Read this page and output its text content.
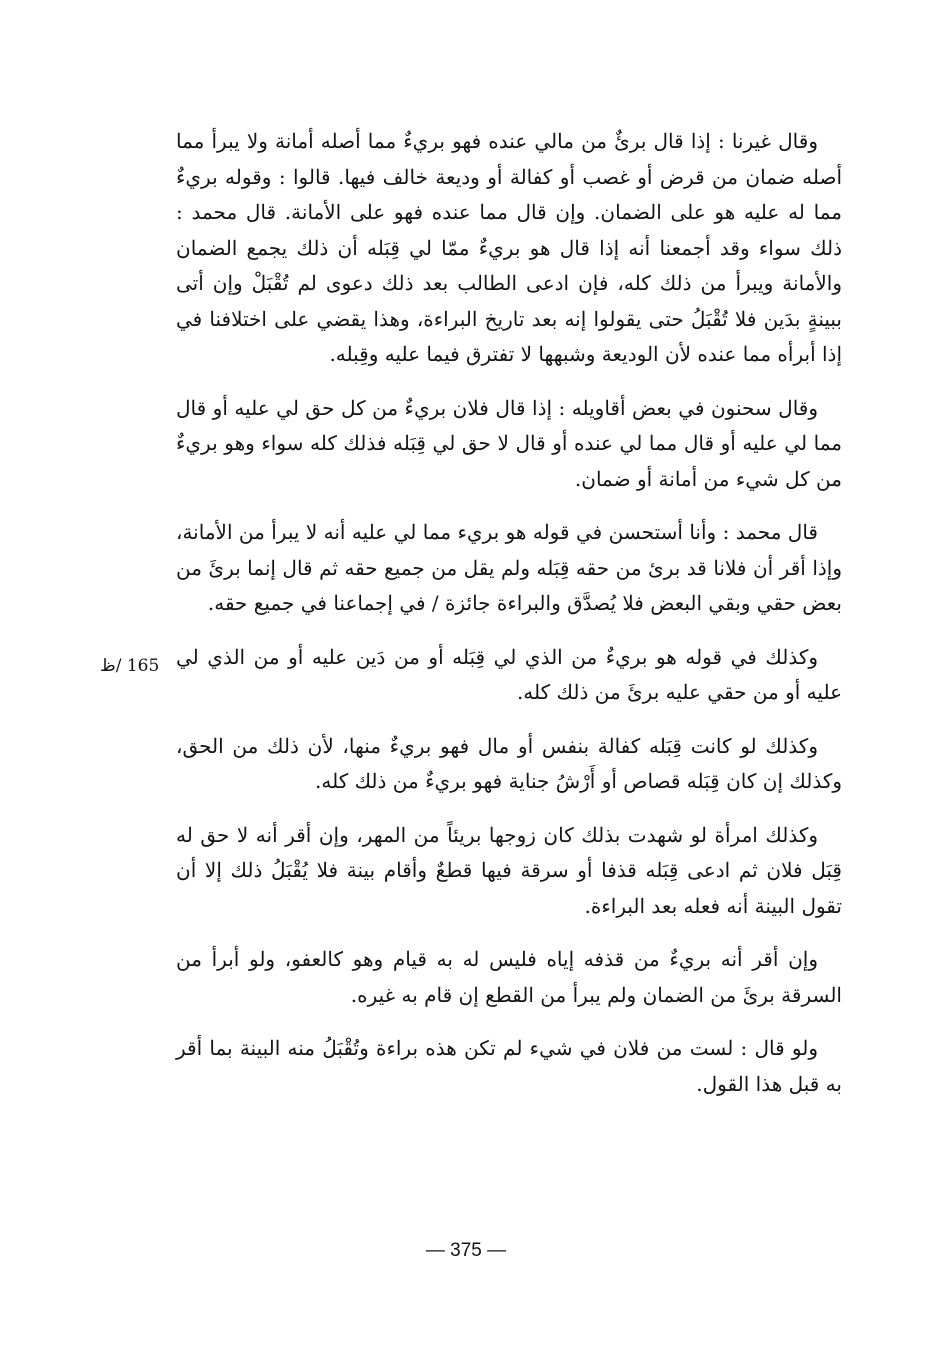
وقال غيرنا : إذا قال برئٌ من مالي عنده فهو بريءٌ مما أصله أمانة ولا يبرأ مما أصله ضمان من قرض أو غصب أو كفالة أو وديعة خالف فيها. قالوا : وقوله بريءٌ مما له عليه هو على الضمان. وإن قال مما عنده فهو على الأمانة. قال محمد : ذلك سواء وقد أجمعنا أنه إذا قال هو بريءٌ ممّا لي قِبَله أن ذلك يجمع الضمان والأمانة ويبرأ من ذلك كله، فإن ادعى الطالب بعد ذلك دعوى لم تُقْبَلْ وإن أتى ببينةٍ بدَين فلا تُقْبَلُ حتى يقولوا إنه بعد تاريخ البراءة، وهذا يقضي على اختلافنا في إذا أبرأه مما عنده لأن الوديعة وشبهها لا تفترق فيما عليه وقِبله.

وقال سحنون في بعض أقاويله : إذا قال فلان بريءٌ من كل حق لي عليه أو قال مما لي عليه أو قال مما لي عنده أو قال لا حق لي قِبَله فذلك كله سواء وهو بريءٌ من كل شيء من أمانة أو ضمان.

قال محمد : وأنا أستحسن في قوله هو بريء مما لي عليه أنه لا يبرأ من الأمانة، وإذا أقر أن فلانا قد برئ من حقه قِبَله ولم يقل من جميع حقه ثم قال إنما برئَ من بعض حقي وبقي البعض فلا يُصدَّق والبراءة جائزة / في إجماعنا في جميع حقه.

وكذلك في قوله هو بريءٌ من الذي لي قِبَله أو من دَين عليه أو من الذي لي عليه أو من حقي عليه برئَ من ذلك كله.

وكذلك لو كانت قِبَله كفالة بنفس أو مال فهو بريءٌ منها، لأن ذلك من الحق، وكذلك إن كان قِبَله قصاص أو أَرْشُ جناية فهو بريءٌ من ذلك كله.

وكذلك امرأة لو شهدت بذلك كان زوجها بريئاً من المهر، وإن أقر أنه لا حق له قِبَل فلان ثم ادعى قِبَله قذفا أو سرقة فيها قطعٌ وأقام بينة فلا يُقْبَلُ ذلك إلا أن تقول البينة أنه فعله بعد البراءة.

وإن أقر أنه بريءٌ من قذفه إياه فليس له به قيام وهو كالعفو، ولو أبرأ من السرقة برئَ من الضمان ولم يبرأ من القطع إن قام به غيره.

ولو قال : لست من فلان في شيء لم تكن هذه براءة وتُقْبَلُ منه البينة بما أقر به قبل هذا القول.

165 /ظ
— 375 —
